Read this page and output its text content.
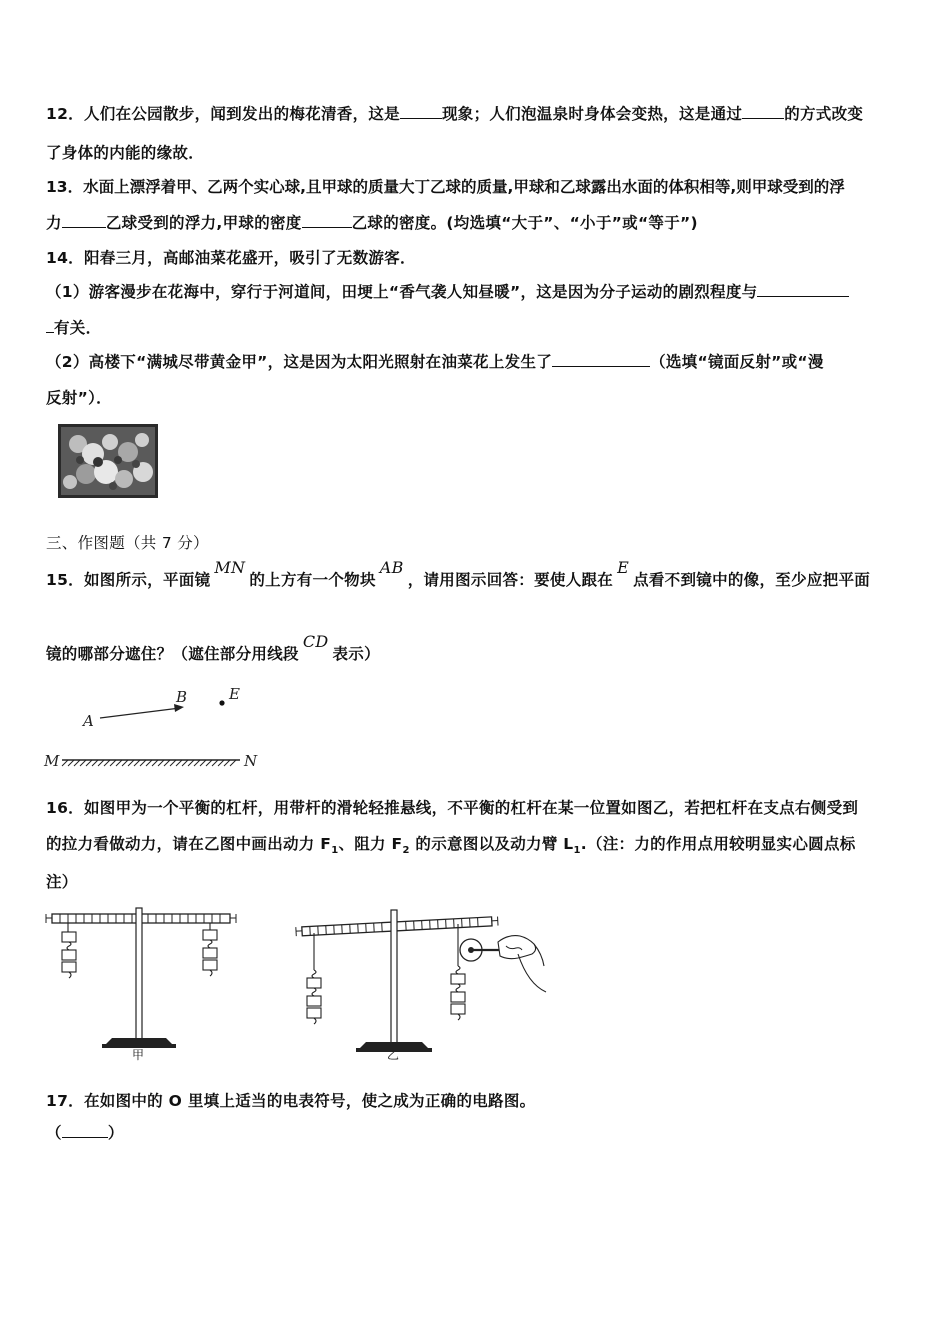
12．人们在公园散步，闻到发出的梅花清香，这是	现象；人们泡温泉时身体会变热，这是通过	的方式改变
了身体的内能的缘故．
13．水面上漂浮着甲、乙两个实心球,且甲球的质量大丁乙球的质量,甲球和乙球露出水面的体积相等,则甲球受到的浮
力	乙球受到的浮力,甲球的密度	乙球的密度。(均选填“大于”、“小于”或“等于”)
14．阳春三月，高邮油菜花盛开，吸引了无数游客．
（1）游客漫步在花海中，穿行于河道间，田埂上“香气袭人知昼暖”，这是因为分子运动的剧烈程度与
有关．
（2）高楼下“满城尽带黄金甲”，这是因为太阳光照射在油菜花上发生了	（选填“镜面反射”或“漫
反射”）．
三、作图题（共 7 分）
15．如图所示，平面镜MN的上方有一个物块AB，请用图示回答：要使人跟在E点看不到镜中的像，至少应把平面
镜的哪部分遮住？（遮住部分用线段CD表示）
A
B	E
M	N
16．如图甲为一个平衡的杠杆，用带杆的滑轮轻推悬线，不平衡的杠杆在某一位置如图乙，若把杠杆在支点右侧受到
的拉力看做动力，请在乙图中画出动力 $F_1$、阻力 $F_2$ 的示意图以及动力臂 $L_1$.（注：力的作用点用较明显实心圆点标
注）
甲	乙
17．在如图中的 O 里填上适当的电表符号，使之成为正确的电路图。
（	）
